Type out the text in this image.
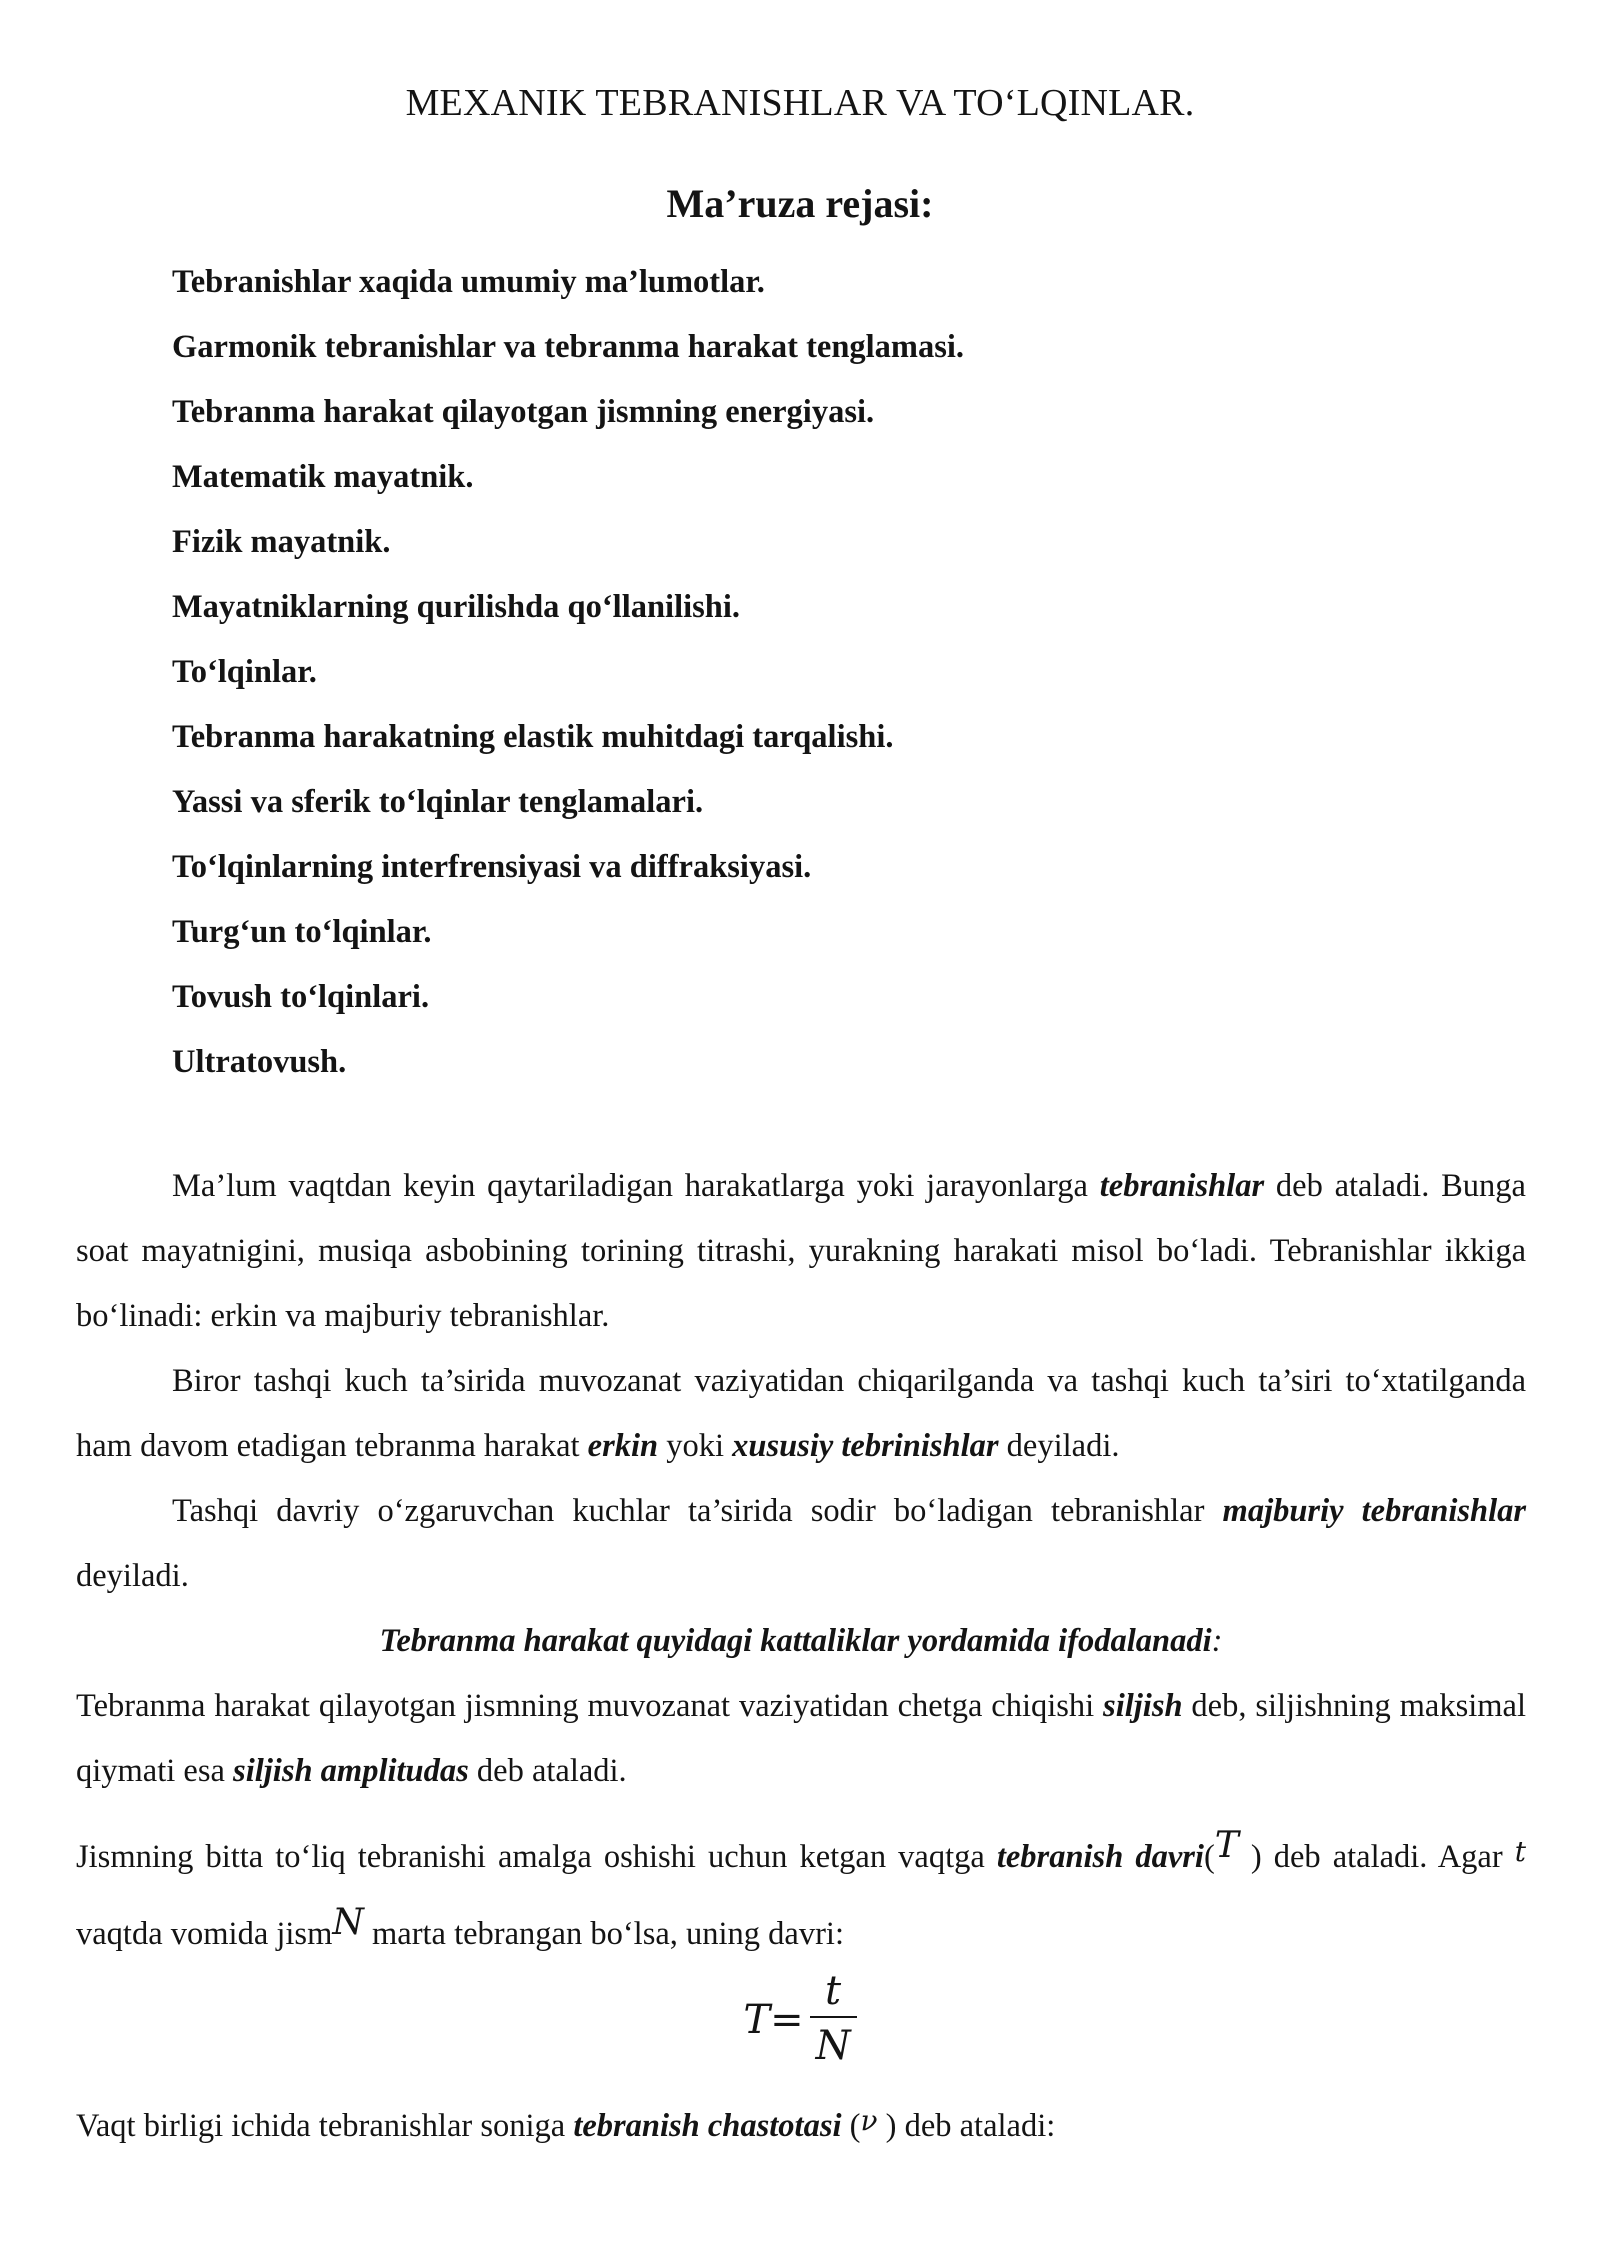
MEXANIK TEBRANISHLAR VA TO‘LQINLAR.
Ma’ruza rejasi:
Tebranishlar xaqida umumiy ma’lumotlar.
Garmonik tebranishlar va tebranma harakat tenglamasi.
Tebranma harakat qilayotgan jismning energiyasi.
Matematik mayatnik.
Fizik mayatnik.
Mayatniklarning qurilishda qo‘llanilishi.
To‘lqinlar.
Tebranma harakatning elastik muhitdagi tarqalishi.
Yassi va sferik to‘lqinlar tenglamalari.
To‘lqinlarning interfrensiyasi va diffraksiyasi.
Turg‘un to‘lqinlar.
Tovush to‘lqinlari.
Ultratovush.

Ma’lum vaqtdan keyin qaytariladigan harakatlarga yoki jarayonlarga tebranishlar deb ataladi. Bunga soat mayatnigini, musiqa asbobining torining titrashi, yurakning harakati misol bo‘ladi. Tebranishlar ikkiga bo‘linadi: erkin va majburiy tebranishlar.

Biror tashqi kuch ta’sirida muvozanat vaziyatidan chiqarilganda va tashqi kuch ta’siri to‘xtatilganda ham davom etadigan tebranma harakat erkin yoki xususiy tebrinishlar deyiladi.

Tashqi davriy o‘zgaruvchan kuchlar ta’sirida sodir bo‘ladigan tebranishlar majburiy tebranishlar deyiladi.

Tebranma harakat quyidagi kattaliklar yordamida ifodalanadi:

Tebranma harakat qilayotgan jismning muvozanat vaziyatidan chetga chiqishi siljish deb, siljishning maksimal qiymati esa siljish amplitudas deb ataladi.

Jismning bitta to‘liq tebranishi amalga oshishi uchun ketgan vaqtga tebranish davri(T ) deb ataladi. Agar t vaqtda vomida jismN marta tebrangan bo‘lsa, uning davri:

$T= \frac{t}{N}$

Vaqt birligi ichida tebranishlar soniga tebranish chastotasi (ν ) deb ataladi:
